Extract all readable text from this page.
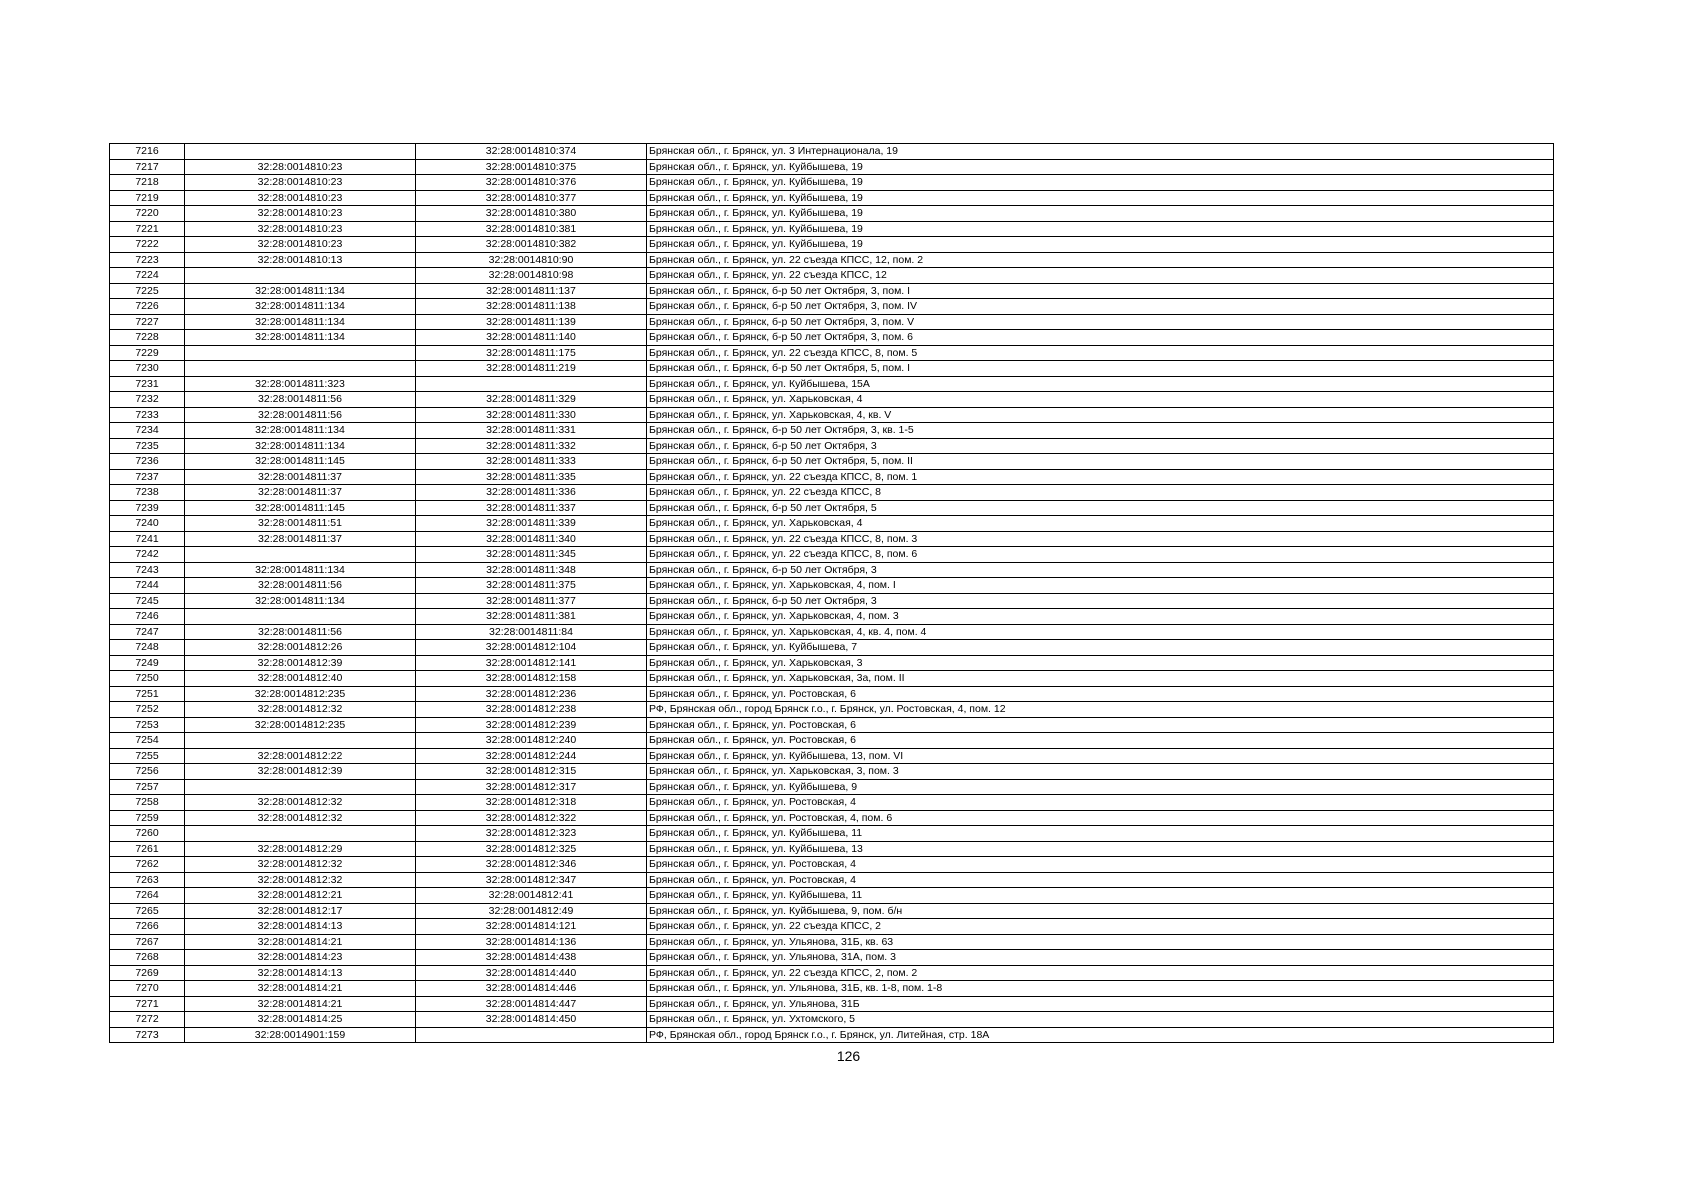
7216		32:28:0014810:374	Брянская обл., г. Брянск, ул. 3 Интернационала, 19
7217	32:28:0014810:23	32:28:0014810:375	Брянская обл., г. Брянск, ул. Куйбышева, 19
7218	32:28:0014810:23	32:28:0014810:376	Брянская обл., г. Брянск, ул. Куйбышева, 19
7219	32:28:0014810:23	32:28:0014810:377	Брянская обл., г. Брянск, ул. Куйбышева, 19
7220	32:28:0014810:23	32:28:0014810:380	Брянская обл., г. Брянск, ул. Куйбышева, 19
7221	32:28:0014810:23	32:28:0014810:381	Брянская обл., г. Брянск, ул. Куйбышева, 19
7222	32:28:0014810:23	32:28:0014810:382	Брянская обл., г. Брянск, ул. Куйбышева, 19
7223	32:28:0014810:13	32:28:0014810:90	Брянская обл., г. Брянск, ул. 22 съезда КПСС, 12, пом. 2
7224		32:28:0014810:98	Брянская обл., г. Брянск, ул. 22 съезда КПСС, 12
7225	32:28:0014811:134	32:28:0014811:137	Брянская обл., г. Брянск, б-р 50 лет Октября, 3, пом. I
7226	32:28:0014811:134	32:28:0014811:138	Брянская обл., г. Брянск, б-р 50 лет Октября, 3, пом. IV
7227	32:28:0014811:134	32:28:0014811:139	Брянская обл., г. Брянск, б-р 50 лет Октября, 3, пом. V
7228	32:28:0014811:134	32:28:0014811:140	Брянская обл., г. Брянск, б-р 50 лет Октября, 3, пом. 6
7229		32:28:0014811:175	Брянская обл., г. Брянск, ул. 22 съезда КПСС, 8, пом. 5
7230		32:28:0014811:219	Брянская обл., г. Брянск, б-р 50 лет Октября, 5, пом. I
7231	32:28:0014811:323		Брянская обл., г. Брянск, ул. Куйбышева, 15А
7232	32:28:0014811:56	32:28:0014811:329	Брянская обл., г. Брянск, ул. Харьковская, 4
7233	32:28:0014811:56	32:28:0014811:330	Брянская обл., г. Брянск, ул. Харьковская, 4, кв. V
7234	32:28:0014811:134	32:28:0014811:331	Брянская обл., г. Брянск, б-р 50 лет Октября, 3, кв. 1-5
7235	32:28:0014811:134	32:28:0014811:332	Брянская обл., г. Брянск, б-р 50 лет Октября, 3
7236	32:28:0014811:145	32:28:0014811:333	Брянская обл., г. Брянск, б-р 50 лет Октября, 5, пом. II
7237	32:28:0014811:37	32:28:0014811:335	Брянская обл., г. Брянск, ул. 22 съезда КПСС, 8, пом. 1
7238	32:28:0014811:37	32:28:0014811:336	Брянская обл., г. Брянск, ул. 22 съезда КПСС, 8
7239	32:28:0014811:145	32:28:0014811:337	Брянская обл., г. Брянск, б-р 50 лет Октября, 5
7240	32:28:0014811:51	32:28:0014811:339	Брянская обл., г. Брянск, ул. Харьковская, 4
7241	32:28:0014811:37	32:28:0014811:340	Брянская обл., г. Брянск, ул. 22 съезда КПСС, 8, пом. 3
7242		32:28:0014811:345	Брянская обл., г. Брянск, ул. 22 съезда КПСС, 8, пом. 6
7243	32:28:0014811:134	32:28:0014811:348	Брянская обл., г. Брянск, б-р 50 лет Октября, 3
7244	32:28:0014811:56	32:28:0014811:375	Брянская обл., г. Брянск, ул. Харьковская, 4, пом. I
7245	32:28:0014811:134	32:28:0014811:377	Брянская обл., г. Брянск, б-р 50 лет Октября, 3
7246		32:28:0014811:381	Брянская обл., г. Брянск, ул. Харьковская, 4, пом. 3
7247	32:28:0014811:56	32:28:0014811:84	Брянская обл., г. Брянск, ул. Харьковская, 4, кв. 4, пом. 4
7248	32:28:0014812:26	32:28:0014812:104	Брянская обл., г. Брянск, ул. Куйбышева, 7
7249	32:28:0014812:39	32:28:0014812:141	Брянская обл., г. Брянск, ул. Харьковская, 3
7250	32:28:0014812:40	32:28:0014812:158	Брянская обл., г. Брянск, ул. Харьковская, 3а, пом. II
7251	32:28:0014812:235	32:28:0014812:236	Брянская обл., г. Брянск, ул. Ростовская, 6
7252	32:28:0014812:32	32:28:0014812:238	РФ, Брянская обл., город Брянск г.о., г. Брянск, ул. Ростовская, 4, пом. 12
7253	32:28:0014812:235	32:28:0014812:239	Брянская обл., г. Брянск, ул. Ростовская, 6
7254		32:28:0014812:240	Брянская обл., г. Брянск, ул. Ростовская, 6
7255	32:28:0014812:22	32:28:0014812:244	Брянская обл., г. Брянск, ул. Куйбышева, 13, пом. VI
7256	32:28:0014812:39	32:28:0014812:315	Брянская обл., г. Брянск, ул. Харьковская, 3, пом. 3
7257		32:28:0014812:317	Брянская обл., г. Брянск, ул. Куйбышева, 9
7258	32:28:0014812:32	32:28:0014812:318	Брянская обл., г. Брянск, ул. Ростовская, 4
7259	32:28:0014812:32	32:28:0014812:322	Брянская обл., г. Брянск, ул. Ростовская, 4, пом. 6
7260		32:28:0014812:323	Брянская обл., г. Брянск, ул. Куйбышева, 11
7261	32:28:0014812:29	32:28:0014812:325	Брянская обл., г. Брянск, ул. Куйбышева, 13
7262	32:28:0014812:32	32:28:0014812:346	Брянская обл., г. Брянск, ул. Ростовская, 4
7263	32:28:0014812:32	32:28:0014812:347	Брянская обл., г. Брянск, ул. Ростовская, 4
7264	32:28:0014812:21	32:28:0014812:41	Брянская обл., г. Брянск, ул. Куйбышева, 11
7265	32:28:0014812:17	32:28:0014812:49	Брянская обл., г. Брянск, ул. Куйбышева, 9, пом. б/н
7266	32:28:0014814:13	32:28:0014814:121	Брянская обл., г. Брянск, ул. 22 съезда КПСС, 2
7267	32:28:0014814:21	32:28:0014814:136	Брянская обл., г. Брянск, ул. Ульянова, 31Б, кв. 63
7268	32:28:0014814:23	32:28:0014814:438	Брянская обл., г. Брянск, ул. Ульянова, 31А, пом. 3
7269	32:28:0014814:13	32:28:0014814:440	Брянская обл., г. Брянск, ул. 22 съезда КПСС, 2, пом. 2
7270	32:28:0014814:21	32:28:0014814:446	Брянская обл., г. Брянск, ул. Ульянова, 31Б, кв. 1-8, пом. 1-8
7271	32:28:0014814:21	32:28:0014814:447	Брянская обл., г. Брянск, ул. Ульянова, 31Б
7272	32:28:0014814:25	32:28:0014814:450	Брянская обл., г. Брянск, ул. Ухтомского, 5
7273	32:28:0014901:159		РФ, Брянская обл., город Брянск г.о., г. Брянск, ул. Литейная, стр. 18А
126
